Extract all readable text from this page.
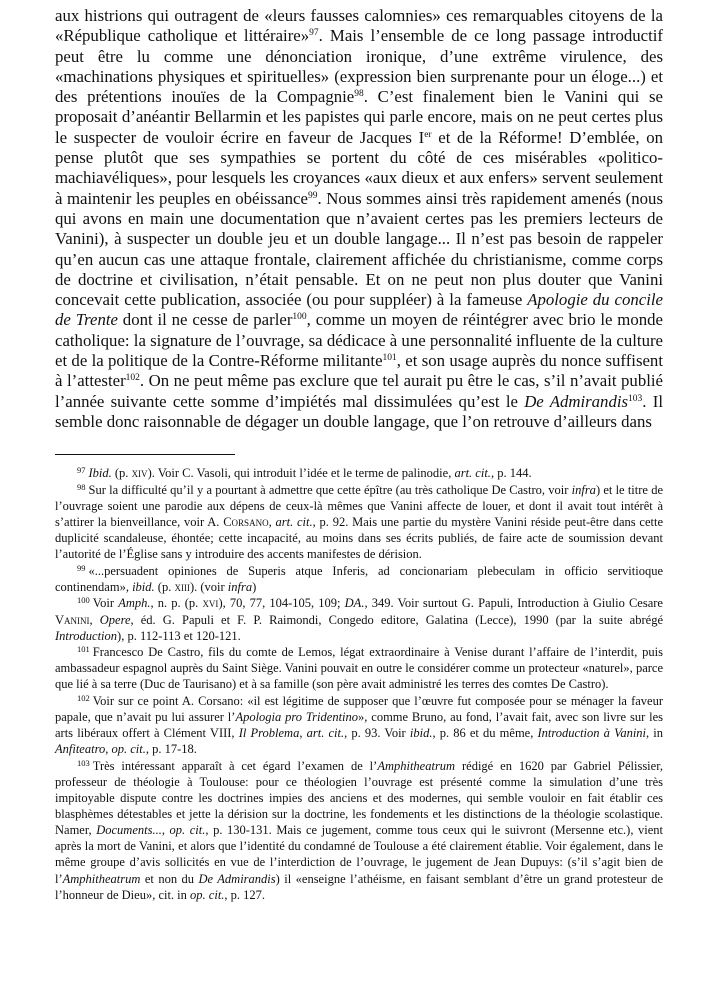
aux histrions qui outragent de «leurs fausses calomnies» ces remarquables citoyens de la «République catholique et littéraire»$^{97}$. Mais l’ensemble de ce long passage introductif peut être lu comme une dénonciation ironique, d’une extrême virulence, des «machinations physiques et spirituelles» (expression bien surprenante pour un éloge...) et des prétentions inouïes de la Compagnie$^{98}$. C’est finalement bien le Vanini qui se proposait d’anéantir Bellarmin et les papistes qui parle encore, mais on ne peut certes plus le suspecter de vouloir écrire en faveur de Jacques Ier et de la Réforme! D’emblée, on pense plutôt que ses sympathies se portent du côté de ces misérables «politico-machiavéliques», pour lesquels les croyances «aux dieux et aux enfers» servent seulement à maintenir les peuples en obéissance$^{99}$. Nous sommes ainsi très rapidement amenés (nous qui avons en main une documentation que n’avaient certes pas les premiers lecteurs de Vanini), à suspecter un double jeu et un double langage... Il n’est pas besoin de rappeler qu’en aucun cas une attaque frontale, clairement affichée du christianisme, comme corps de doctrine et civilisation, n’était pensable. Et on ne peut non plus douter que Vanini concevait cette publication, associée (ou pour suppléer) à la fameuse Apologie du concile de Trente dont il ne cesse de parler$^{100}$, comme un moyen de réintégrer avec brio le monde catholique: la signature de l’ouvrage, sa dédicace à une personnalité influente de la culture et de la politique de la Contre-Réforme militante$^{101}$, et son usage auprès du nonce suffisent à l’attester$^{102}$. On ne peut même pas exclure que tel aurait pu être le cas, s’il n’avait publié l’année suivante cette somme d’impiétés mal dissimulées qu’est le De Admirandis$^{103}$. Il semble donc raisonnable de dégager un double langage, que l’on retrouve d’ailleurs dans

$^{97}$ Ibid. (p. xiv). Voir C. Vasoli, qui introduit l’idée et le terme de palinodie, art. cit., p. 144.

$^{98}$ Sur la difficulté qu’il y a pourtant à admettre que cette épître (au très catholique De Castro, voir infra) et le titre de l’ouvrage soient une parodie aux dépens de ceux-là mêmes que Vanini affecte de louer, et dont il avait tout intérêt à s’attirer la bienveillance, voir A. Corsano, art. cit., p. 92. Mais une partie du mystère Vanini réside peut-être dans cette duplicité scandaleuse, éhontée; cette incapacité, au moins dans ses écrits publiés, de faire acte de soumission devant l’autorité de l’Église sans y introduire des accents manifestes de dérision.

$^{99}$ «...persuadent opiniones de Superis atque Inferis, ad concionariam plebeculam in officio servitioque continendam», ibid. (p. xiii). (voir infra)

$^{100}$ Voir Amph., n. p. (p. xvi), 70, 77, 104-105, 109; DA., 349. Voir surtout G. Papuli, Introduction à Giulio Cesare Vanini, Opere, éd. G. Papuli et F. P. Raimondi, Congedo editore, Galatina (Lecce), 1990 (par la suite abrégé Introduction), p. 112-113 et 120-121.

$^{101}$ Francesco De Castro, fils du comte de Lemos, légat extraordinaire à Venise durant l’affaire de l’interdit, puis ambassadeur espagnol auprès du Saint Siège. Vanini pouvait en outre le considérer comme un protecteur «naturel», parce que lié à sa terre (Duc de Taurisano) et à sa famille (son père avait administré les terres des comtes De Castro).

$^{102}$ Voir sur ce point A. Corsano: «il est légitime de supposer que l’œuvre fut composée pour se ménager la faveur papale, que n’avait pu lui assurer l’Apologia pro Tridentino», comme Bruno, au fond, l’avait fait, avec son livre sur les arts libéraux offert à Clément VIII, Il Problema, art. cit., p. 93. Voir ibid., p. 86 et du même, Introduction à Vanini, in Anfiteatro, op. cit., p. 17-18.

$^{103}$ Très intéressant apparaît à cet égard l’examen de l’Amphitheatrum rédigé en 1620 par Gabriel Pélissier, professeur de théologie à Toulouse: pour ce théologien l’ouvrage est présenté comme la simulation d’une très impitoyable dispute contre les doctrines impies des anciens et des modernes, qui semble vouloir en fait établir ces blasphèmes détestables et jette la dérision sur la doctrine, les fondements et les distinctions de la théologie scolastique. Namer, Documents..., op. cit., p. 130-131. Mais ce jugement, comme tous ceux qui le suivront (Mersenne etc.), vient après la mort de Vanini, et alors que l’identité du condamné de Toulouse a été clairement établie. Voir également, dans le même groupe d’avis sollicités en vue de l’interdiction de l’ouvrage, le jugement de Jean Dupuys: (s’il s’agit bien de l’Amphitheatrum et non du De Admirandis) il «enseigne l’athéisme, en faisant semblant d’être un grand protesteur de l’honneur de Dieu», cit. in op. cit., p. 127.
